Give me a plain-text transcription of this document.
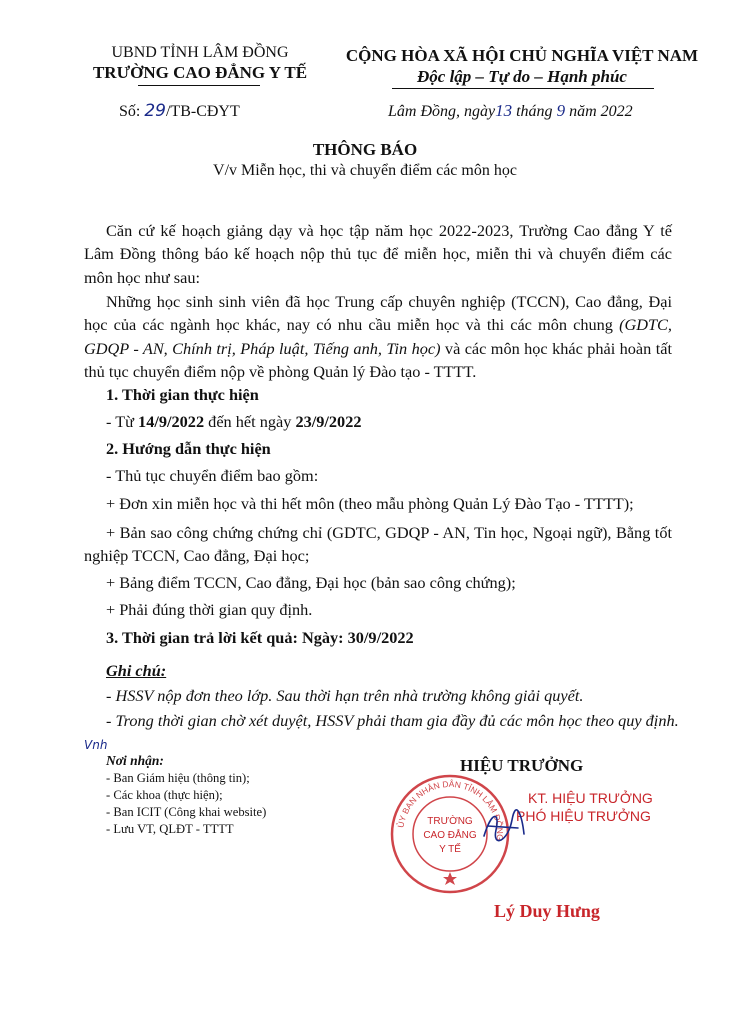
UBND TỈNH LÂM ĐỒNG
TRƯỜNG CAO ĐẲNG Y TẾ
CỘNG HÒA XÃ HỘI CHỦ NGHĨA VIỆT NAM
Độc lập – Tự do – Hạnh phúc
Số: 29/TB-CĐYT	Lâm Đồng, ngày13 tháng 9 năm 2022
THÔNG BÁO
V/v Miễn học, thi và chuyển điểm các môn học

Căn cứ kế hoạch giảng dạy và học tập năm học 2022-2023, Trường Cao đẳng Y tế Lâm Đồng thông báo kế hoạch nộp thủ tục để miễn học, miễn thi và chuyển điểm các môn học như sau:

Những học sinh sinh viên đã học Trung cấp chuyên nghiệp (TCCN), Cao đẳng, Đại học của các ngành học khác, nay có nhu cầu miễn học và thi các môn chung (GDTC, GDQP - AN, Chính trị, Pháp luật, Tiếng anh, Tin học) và các môn học khác phải hoàn tất thủ tục chuyển điểm nộp về phòng Quản lý Đào tạo - TTTT.

1. Thời gian thực hiện
- Từ 14/9/2022 đến hết ngày 23/9/2022
2. Hướng dẫn thực hiện
- Thủ tục chuyển điểm bao gồm:
+ Đơn xin miễn học và thi hết môn (theo mẫu phòng Quản Lý Đào Tạo - TTTT);

+ Bản sao công chứng chứng chỉ (GDTC, GDQP - AN, Tin học, Ngoại ngữ), Bằng tốt nghiệp TCCN, Cao đẳng, Đại học;

+ Bảng điểm TCCN, Cao đẳng, Đại học (bản sao công chứng);
+ Phải đúng thời gian quy định.
3. Thời gian trả lời kết quả: Ngày: 30/9/2022
Ghi chú:
- HSSV nộp đơn theo lớp. Sau thời hạn trên nhà trường không giải quyết.

- Trong thời gian chờ xét duyệt, HSSV phải tham gia đầy đủ các môn học theo quy định. Vnh

Nơi nhận:
- Ban Giám hiệu (thông tin);
- Các khoa (thực hiện);
- Ban ICIT (Công khai website)
- Lưu VT, QLĐT - TTTT
HIỆU TRƯỞNG
ỦY BAN NHÂN DÂN TỈNH LÂM ĐỒNG
TRƯỜNG
CAO ĐẲNG
Y TẾ
KT. HIỆU TRƯỞNG
PHÓ HIỆU TRƯỞNG
Lý Duy Hưng
